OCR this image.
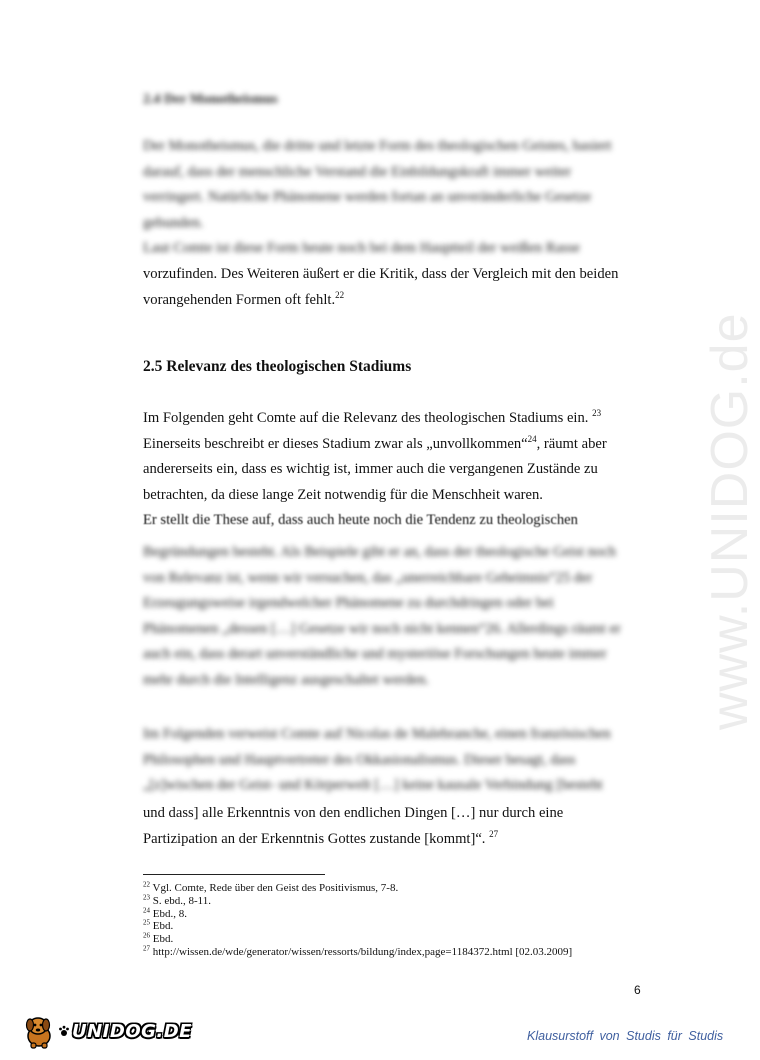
www.UNIDOG.de
2.4 Der Monotheismus

Der Monotheismus, die dritte und letzte Form des theologischen Geistes, basiert

darauf, dass der menschliche Verstand die Einbildungskraft immer weiter

verringert. Natürliche Phänomene werden fortan an unveränderliche Gesetze

gebunden.

Laut Comte ist diese Form heute noch bei dem Hauptteil der weißen Rasse

vorzufinden. Des Weiteren äußert er die Kritik, dass der Vergleich mit den beiden

vorangehenden Formen oft fehlt.$^{22}$

2.5 Relevanz des theologischen Stadiums

Im Folgenden geht Comte auf die Relevanz des theologischen Stadiums ein. $^{23}$

Einerseits beschreibt er dieses Stadium zwar als „unvollkommen“$^{24}$, räumt aber

andererseits ein, dass es wichtig ist, immer auch die vergangenen Zustände zu

betrachten, da diese lange Zeit notwendig für die Menschheit waren.

Er stellt die These auf, dass auch heute noch die Tendenz zu theologischen

Begründungen besteht. Als Beispiele gibt er an, dass der theologische Geist noch

von Relevanz ist, wenn wir versuchen, das „unerreichbare Geheimnis“25 der

Erzeugungsweise irgendwelcher Phänomene zu durchdringen oder bei

Phänomenen „dessen […] Gesetze wir noch nicht kennen“26. Allerdings räumt er

auch ein, dass derart unverständliche und mysteriöse Forschungen heute immer

mehr durch die Intelligenz ausgeschaltet werden.

Im Folgenden verweist Comte auf Nicolas de Malebranche, einen französischen

Philosophen und Hauptvertreter des Okkasionalismus. Dieser besagt, dass

„[z]wischen der Geist- und Körperwelt […] keine kausale Verbindung [besteht

und dass] alle Erkenntnis von den endlichen Dingen […] nur durch eine

Partizipation an der Erkenntnis Gottes zustande [kommt]“. $^{27}$

$^{22}$ Vgl. Comte, Rede über den Geist des Positivismus, 7-8.
$^{23}$ S. ebd., 8-11.
$^{24}$ Ebd., 8.
$^{25}$ Ebd.
$^{26}$ Ebd.
$^{27}$ http://wissen.de/wde/generator/wissen/ressorts/bildung/index,page=1184372.html [02.03.2009]
6
UNIDOG.DE	Klausurstoff von Studis für Studis
